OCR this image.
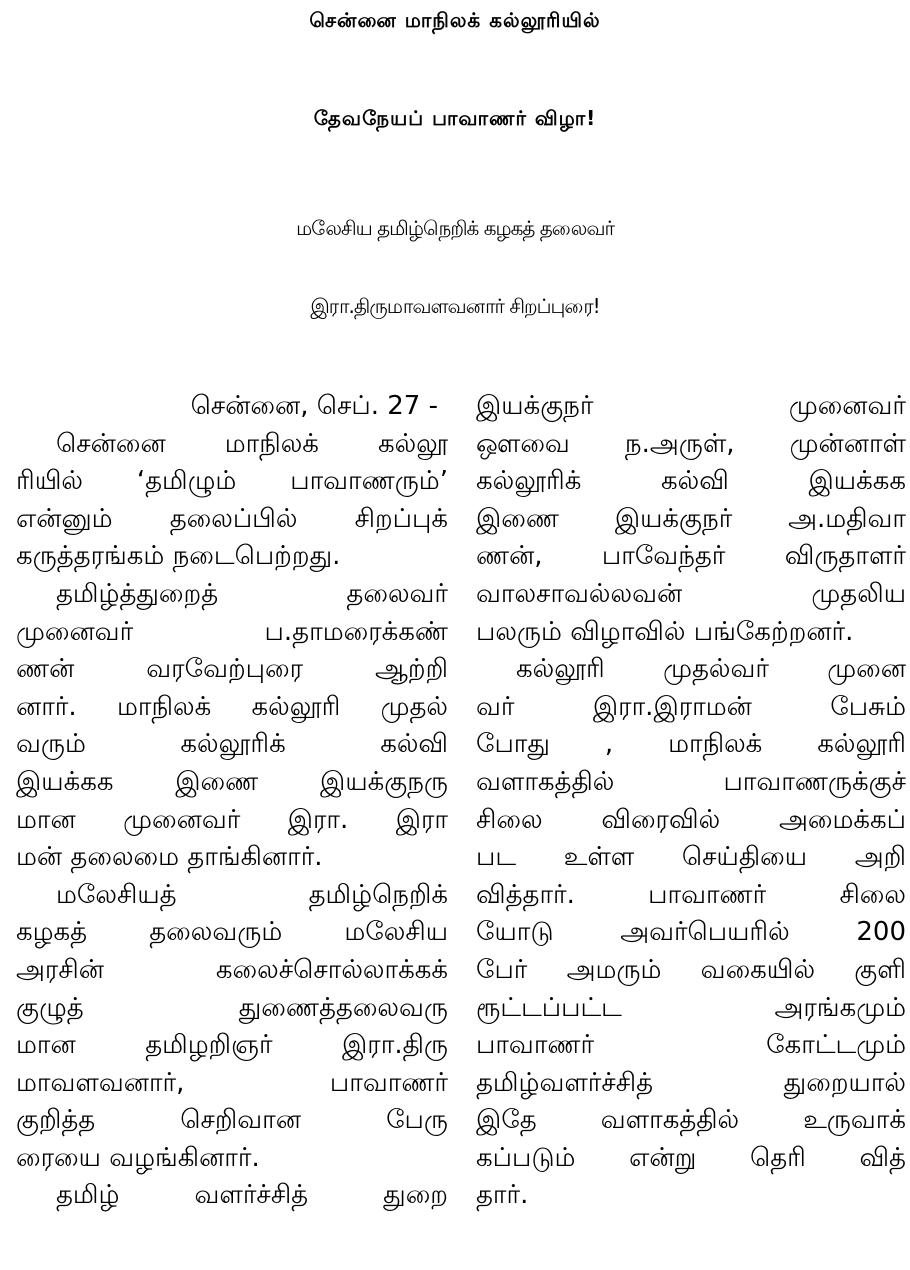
சென்னை மாநிலக் கல்லூரியில்
தேவநேயப் பாவாணர் விழா!
மலேசிய தமிழ்நெறிக் கழகத் தலைவர்
இரா.திருமாவளவனார் சிறப்புரை!
சென்னை, செப். 27 -
சென்னை மாநிலக் கல்லூ
ரியில் ‘தமிழும் பாவாணரும்’
என்னும் தலைப்பில் சிறப்புக்
கருத்தரங்கம் நடைபெற்றது.
தமிழ்த்துறைத் தலைவர்
முனைவர் ப.தாமரைக்கண்
ணன் வரவேற்புரை ஆற்றி
னார். மாநிலக் கல்லூரி முதல்
வரும் கல்லூரிக் கல்வி
இயக்கக இணை இயக்குநரு
மான முனைவர் இரா. இரா
மன் தலைமை தாங்கினார்.
மலேசியத் தமிழ்நெறிக்
கழகத் தலைவரும் மலேசிய
அரசின் கலைச்சொல்லாக்கக்
குழுத் துணைத்தலைவரு
மான தமிழறிஞர் இரா.திரு
மாவளவனார், பாவாணர்
குறித்த செறிவான பேரு
ரையை வழங்கினார்.
தமிழ் வளர்ச்சித் துறை
இயக்குநர் முனைவர்
ஔவை ந.அருள், முன்னாள்
கல்லூரிக் கல்வி இயக்கக
இணை இயக்குநர் அ.மதிவா
ணன், பாவேந்தர் விருதாளர்
வாலசாவல்லவன் முதலிய
பலரும் விழாவில் பங்கேற்றனர்.
கல்லூரி முதல்வர் முனை
வர் இரா.இராமன் பேசும்
போது , மாநிலக் கல்லூரி
வளாகத்தில் பாவாணருக்குச்
சிலை விரைவில் அமைக்கப்
பட உள்ள செய்தியை அறி
வித்தார். பாவாணர் சிலை
யோடு அவர்பெயரில் 200
பேர் அமரும் வகையில் குளி
ரூட்டப்பட்ட அரங்கமும்
பாவாணர் கோட்டமும்
தமிழ்வளர்ச்சித் துறையால்
இதே வளாகத்தில் உருவாக்
கப்படும் என்று தெரி வித்
தார்.
